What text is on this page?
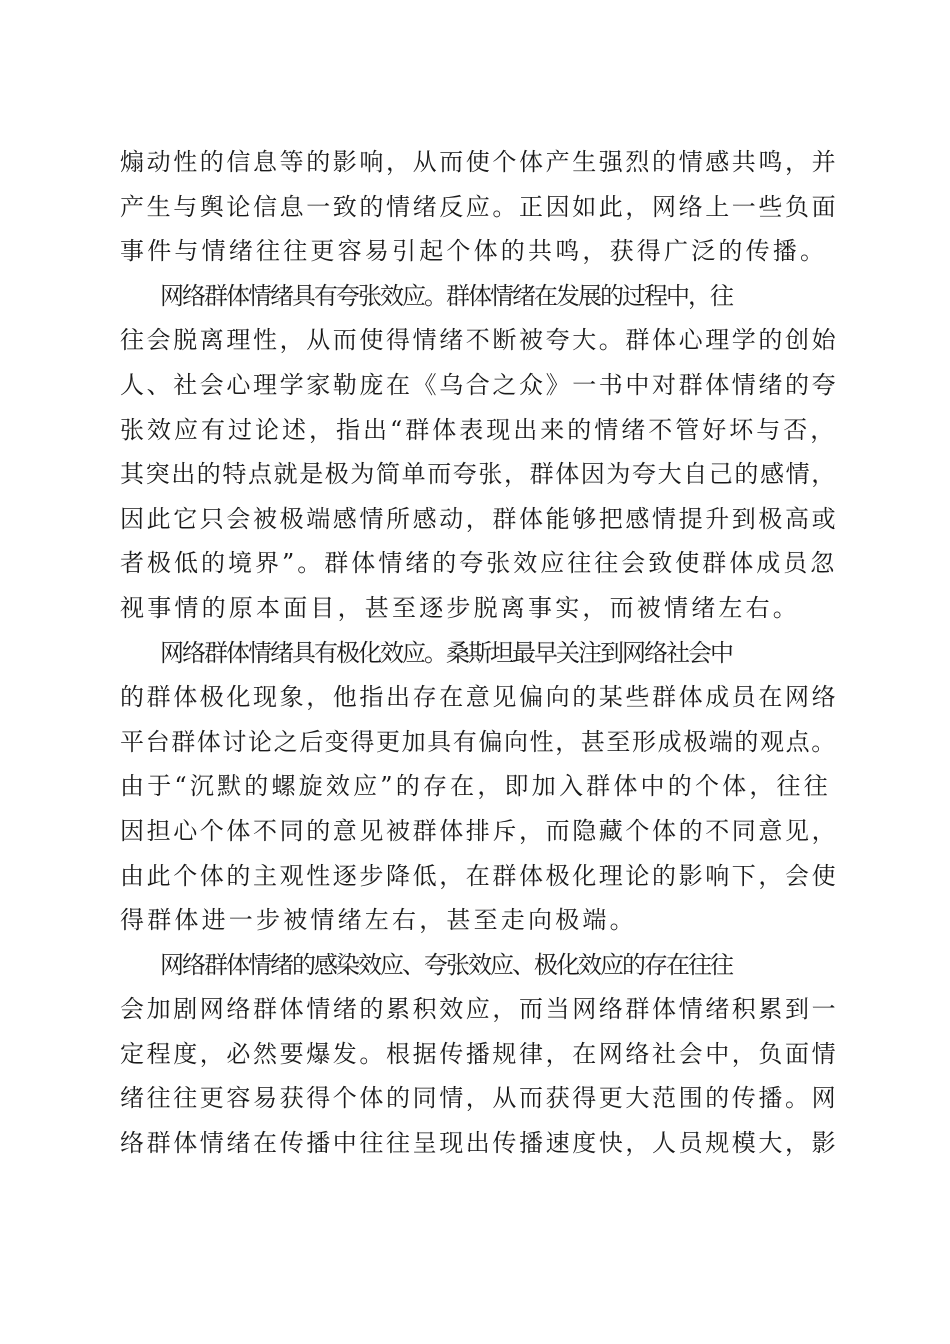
煽动性的信息等的影响，从而使个体产生强烈的情感共鸣，并
产生与舆论信息一致的情绪反应。正因如此，网络上一些负面
事件与情绪往往更容易引起个体的共鸣，获得广泛的传播。
网络群体情绪具有夸张效应。群体情绪在发展的过程中，往
往会脱离理性，从而使得情绪不断被夸大。群体心理学的创始
人、社会心理学家勒庞在《乌合之众》一书中对群体情绪的夸
张效应有过论述，指出“群体表现出来的情绪不管好坏与否，
其突出的特点就是极为简单而夸张，群体因为夸大自己的感情，
因此它只会被极端感情所感动，群体能够把感情提升到极高或
者极低的境界”。群体情绪的夸张效应往往会致使群体成员忽
视事情的原本面目，甚至逐步脱离事实，而被情绪左右。
网络群体情绪具有极化效应。桑斯坦最早关注到网络社会中
的群体极化现象，他指出存在意见偏向的某些群体成员在网络
平台群体讨论之后变得更加具有偏向性，甚至形成极端的观点。
由于“沉默的螺旋效应”的存在，即加入群体中的个体，往往
因担心个体不同的意见被群体排斥，而隐藏个体的不同意见，
由此个体的主观性逐步降低，在群体极化理论的影响下，会使
得群体进一步被情绪左右，甚至走向极端。
网络群体情绪的感染效应、夸张效应、极化效应的存在往往
会加剧网络群体情绪的累积效应，而当网络群体情绪积累到一
定程度，必然要爆发。根据传播规律，在网络社会中，负面情
绪往往更容易获得个体的同情，从而获得更大范围的传播。网
络群体情绪在传播中往往呈现出传播速度快，人员规模大，影
